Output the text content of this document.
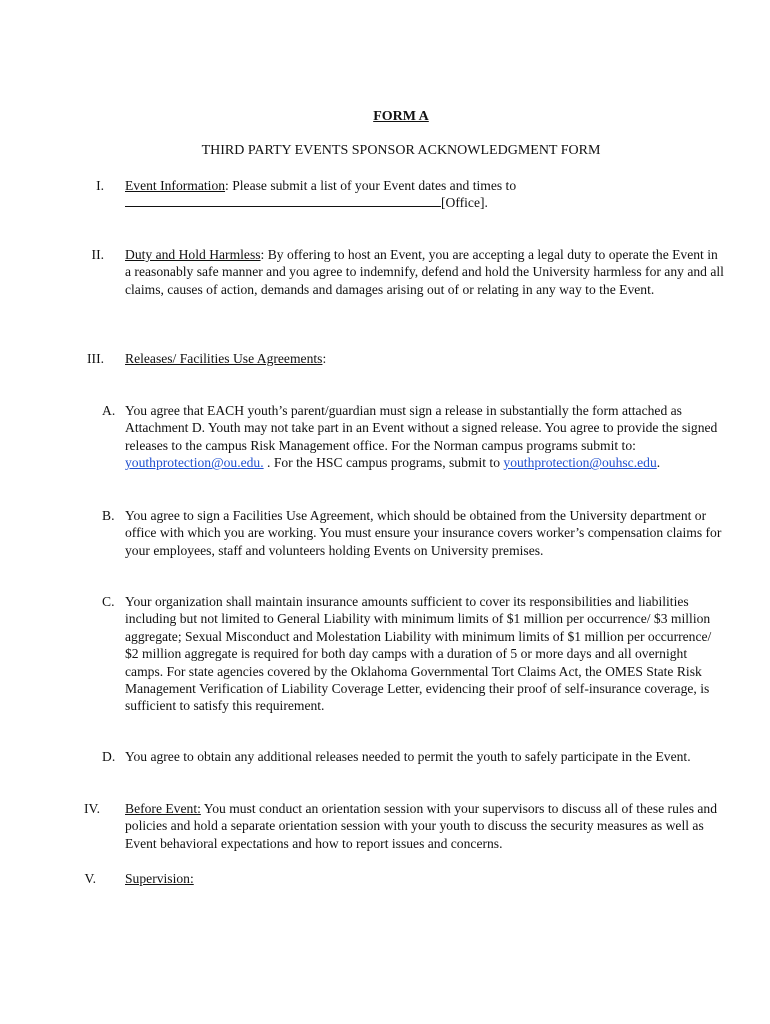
FORM A
THIRD PARTY EVENTS SPONSOR ACKNOWLEDGMENT FORM
I. Event Information: Please submit a list of your Event dates and times to
[Office].
II. Duty and Hold Harmless: By offering to host an Event, you are accepting a legal duty to operate the Event in a reasonably safe manner and you agree to indemnify, defend and hold the University harmless for any and all claims, causes of action, demands and damages arising out of or relating in any way to the Event.
III. Releases/ Facilities Use Agreements:
A. You agree that EACH youth’s parent/guardian must sign a release in substantially the form attached as Attachment D. Youth may not take part in an Event without a signed release. You agree to provide the signed releases to the campus Risk Management office. For the Norman campus programs submit to: youthprotection@ou.edu. . For the HSC campus programs, submit to youthprotection@ouhsc.edu.
B. You agree to sign a Facilities Use Agreement, which should be obtained from the University department or office with which you are working. You must ensure your insurance covers worker’s compensation claims for your employees, staff and volunteers holding Events on University premises.
C. Your organization shall maintain insurance amounts sufficient to cover its responsibilities and liabilities including but not limited to General Liability with minimum limits of $1 million per occurrence/ $3 million aggregate; Sexual Misconduct and Molestation Liability with minimum limits of $1 million per occurrence/ $2 million aggregate is required for both day camps with a duration of 5 or more days and all overnight camps. For state agencies covered by the Oklahoma Governmental Tort Claims Act, the OMES State Risk Management Verification of Liability Coverage Letter, evidencing their proof of self-insurance coverage, is sufficient to satisfy this requirement.
D. You agree to obtain any additional releases needed to permit the youth to safely participate in the Event.
IV. Before Event: You must conduct an orientation session with your supervisors to discuss all of these rules and policies and hold a separate orientation session with your youth to discuss the security measures as well as Event behavioral expectations and how to report issues and concerns.
V. Supervision:
